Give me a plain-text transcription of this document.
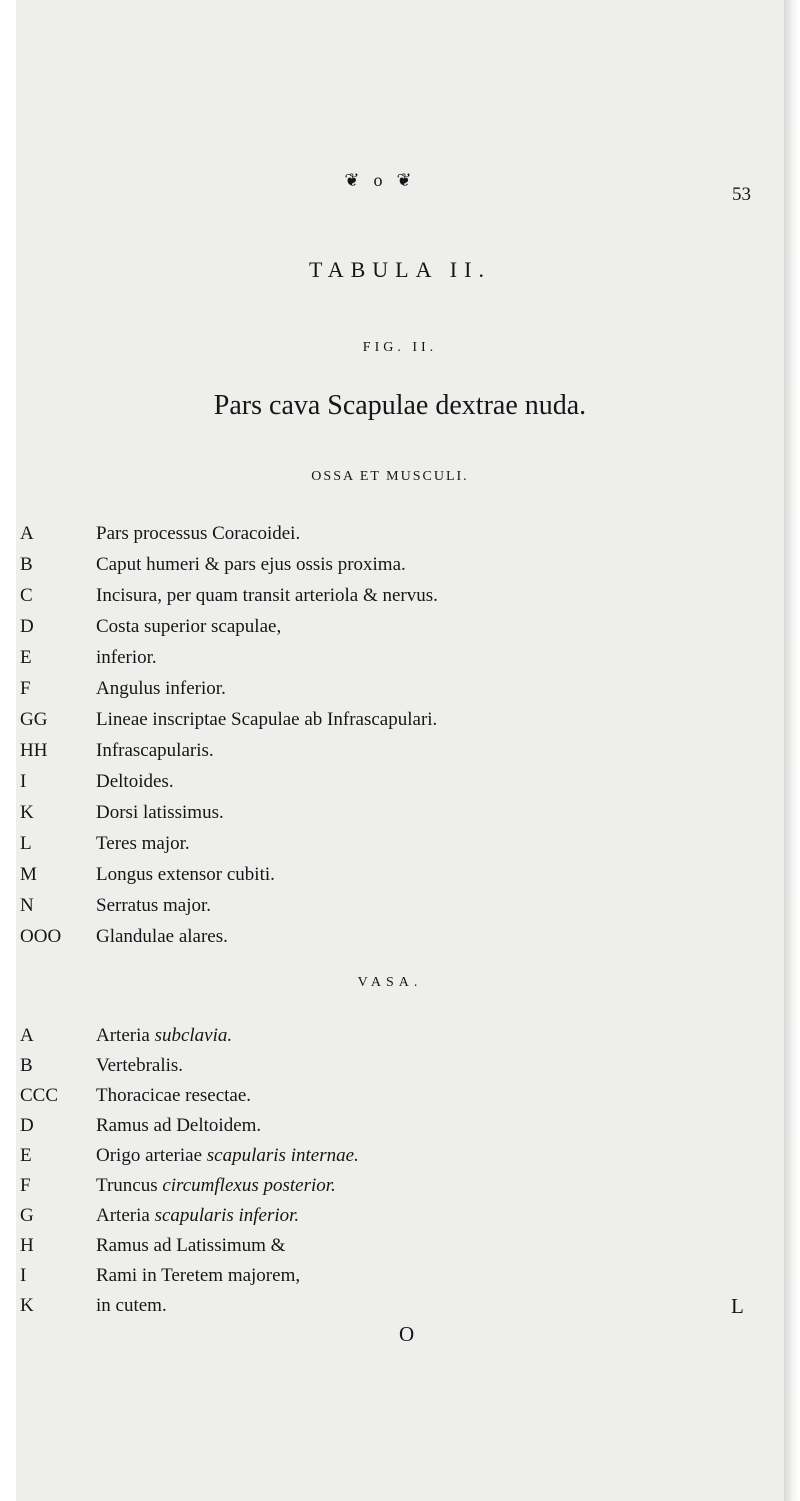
❦o❦
53
TABULA II.
FIG. II.
Pars cava Scapulae dextrae nuda.
OSSA ET MUSCULI.
A	Pars processus Coracoidei.
B	Caput humeri & pars ejus ossis proxima.
C	Incisura, per quam transit arteriola & nervus.
D	Costa superior scapulae,
E	inferior.
F	Angulus inferior.
GG	Lineae inscriptae Scapulae ab Infrascapulari.
HH	Infrascapularis.
I	Deltoides.
K	Dorsi latissimus.
L	Teres major.
M	Longus extensor cubiti.
N	Serratus major.
OOO Glandulae alares.
VASA.
A	Arteria subclavia.
B	Vertebralis.
CCC Thoracicae resectae.
D	Ramus ad Deltoidem.
E	Origo arteriae scapularis internae.
F	Truncus circumflexus posterior.
G	Arteria scapularis inferior.
H	Ramus ad Latissimum &
I	Rami in Teretem majorem,
K	in cutem.
O
L
